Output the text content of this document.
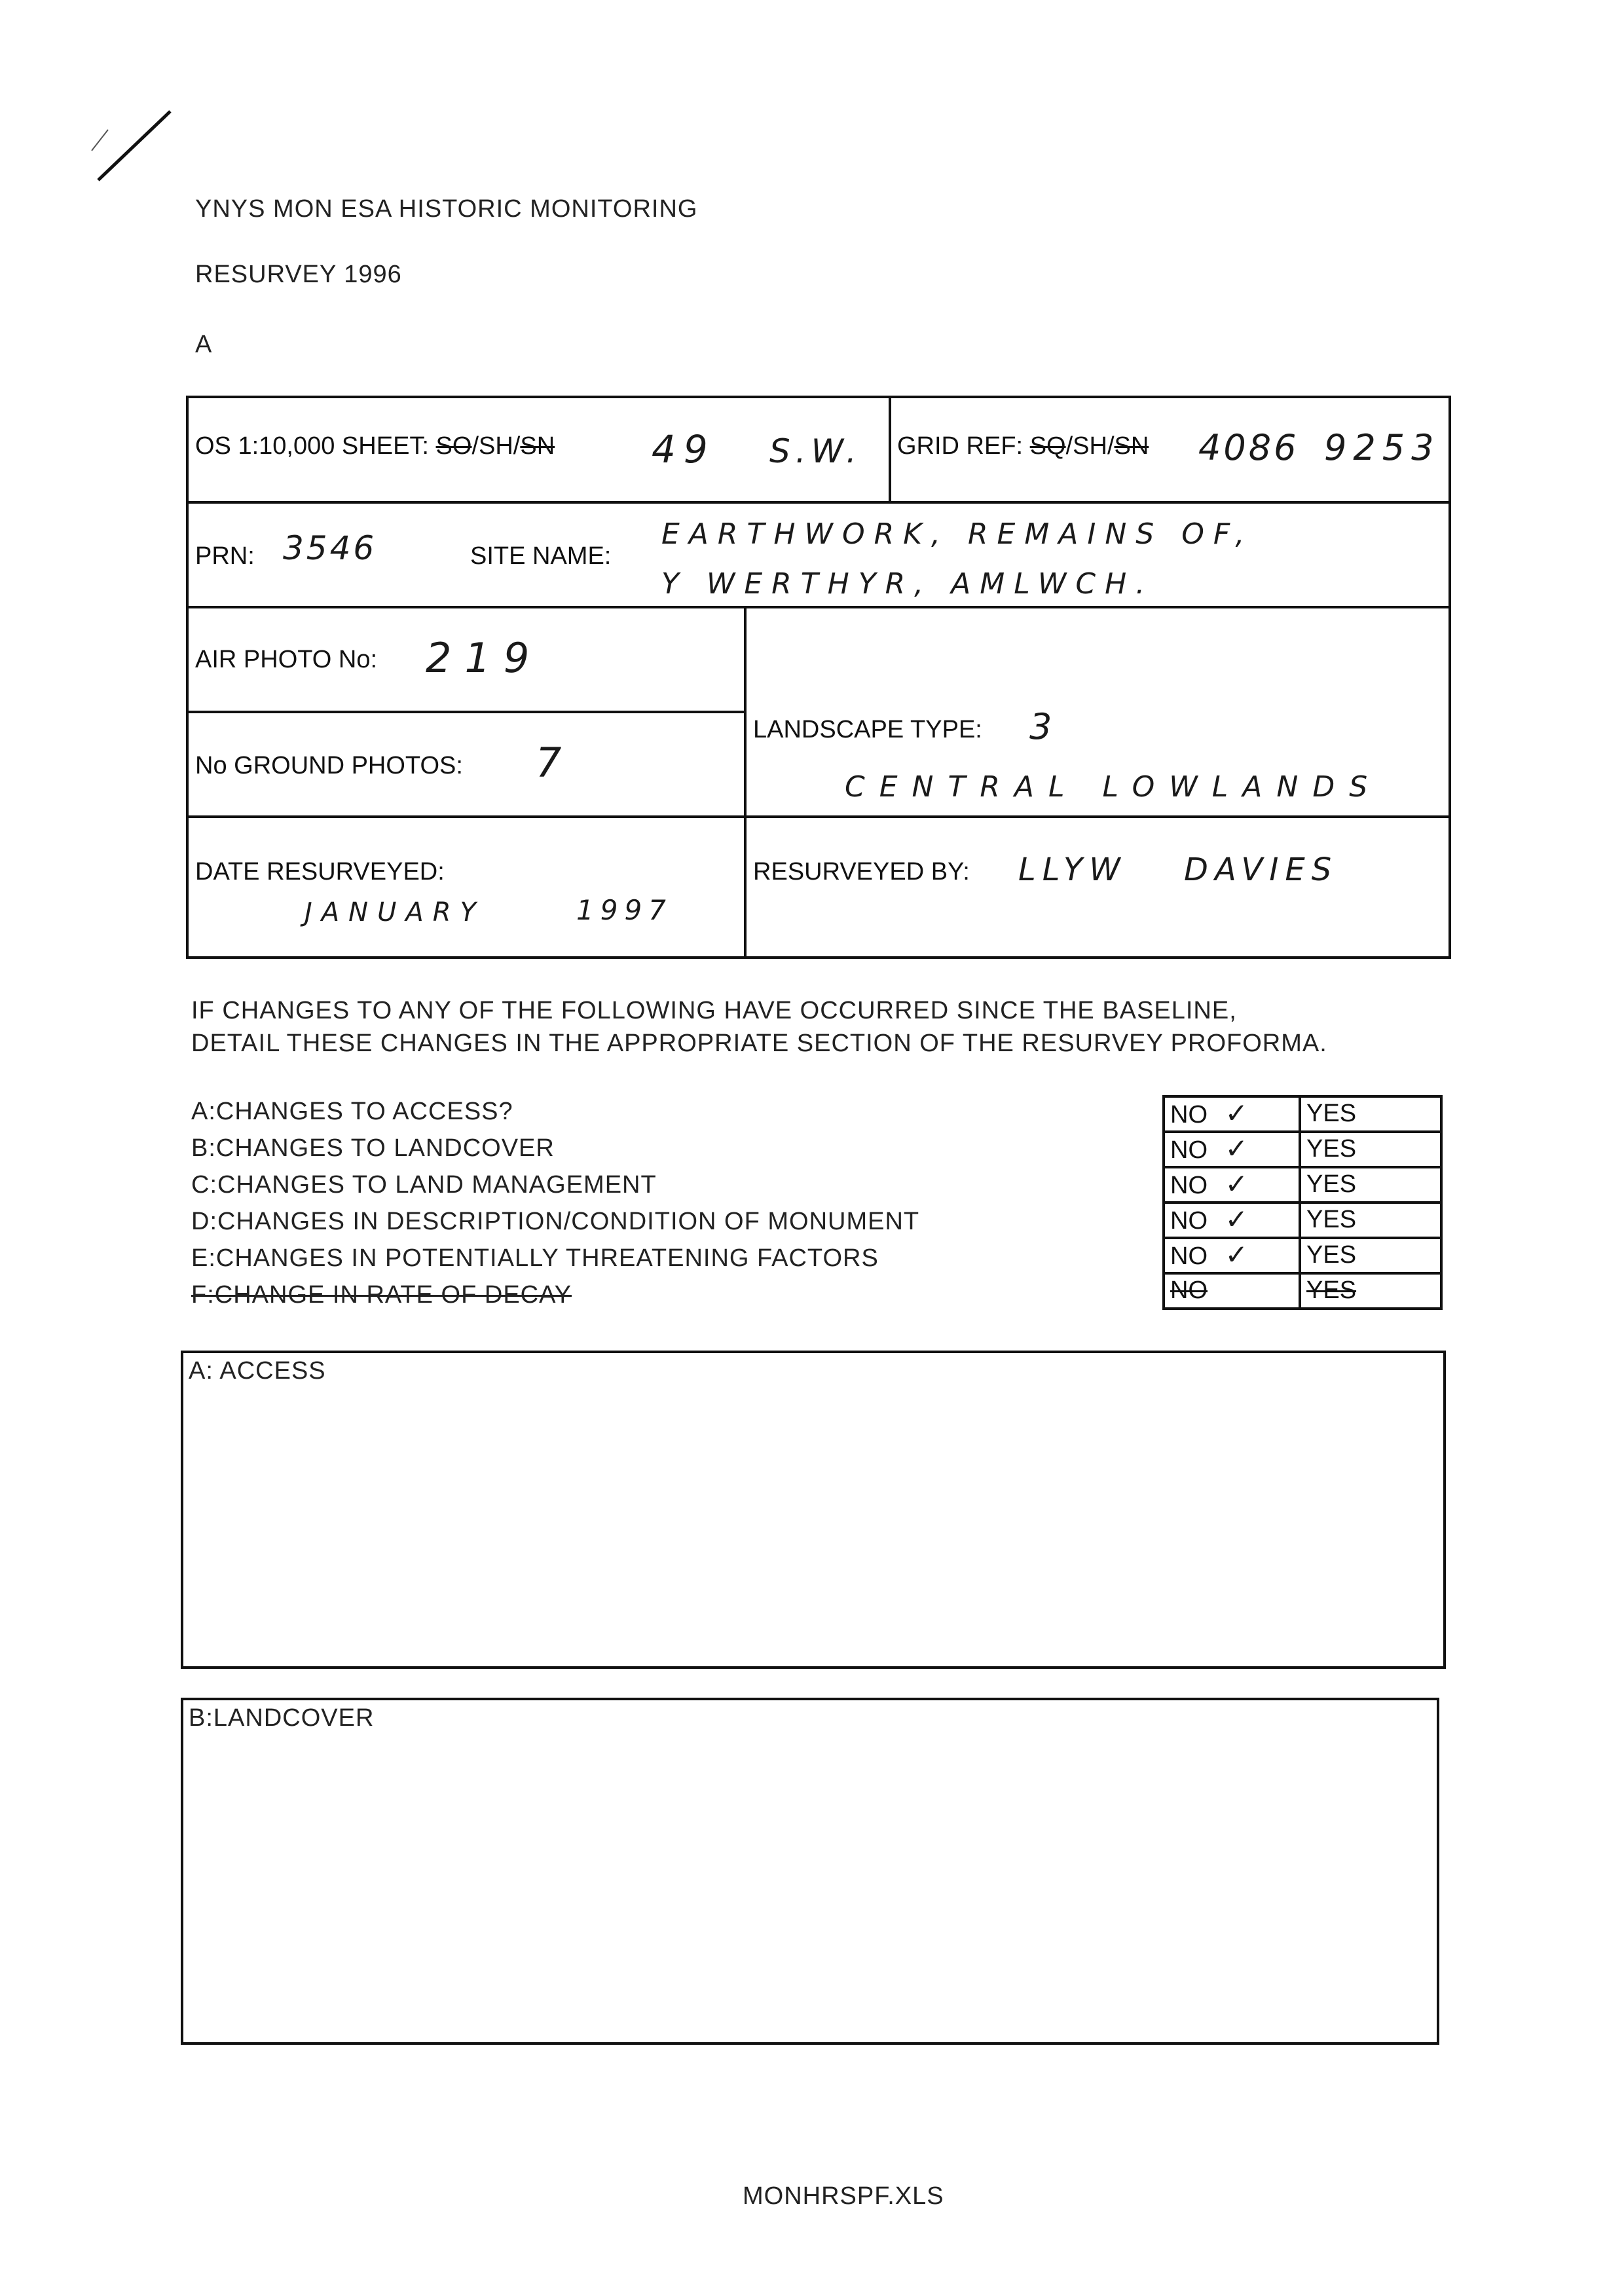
YNYS MON ESA HISTORIC MONITORING
RESURVEY 1996
A
OS 1:10,000 SHEET: SO/SH/SN	49 S.W. GRID REF: SQ/SH/SN 4086 9253
PRN: 3546	SITE NAME:
EARTHWORK, REMAINS OF,
Y WERTHYR, AMLWCH.
AIR PHOTO No: 219
No GROUND PHOTOS: 7
LANDSCAPE TYPE: 3
CENTRAL LOWLANDS
DATE RESURVEYED:
JANUARY	1997
RESURVEYED BY: LLYW DAVIES
IF CHANGES TO ANY OF THE FOLLOWING HAVE OCCURRED SINCE THE BASELINE,
DETAIL THESE CHANGES IN THE APPROPRIATE SECTION OF THE RESURVEY PROFORMA.
A:CHANGES TO ACCESS?	NO ✓	YES
B:CHANGES TO LANDCOVER	NO ✓	YES
C:CHANGES TO LAND MANAGEMENT	NO ✓	YES
D:CHANGES IN DESCRIPTION/CONDITION OF MONUMENT	NO ✓	YES
E:CHANGES IN POTENTIALLY THREATENING FACTORS	NO ✓	YES
F:CHANGE IN RATE OF DECAY	NO	YES
A: ACCESS
B:LANDCOVER
MONHRSPF.XLS
